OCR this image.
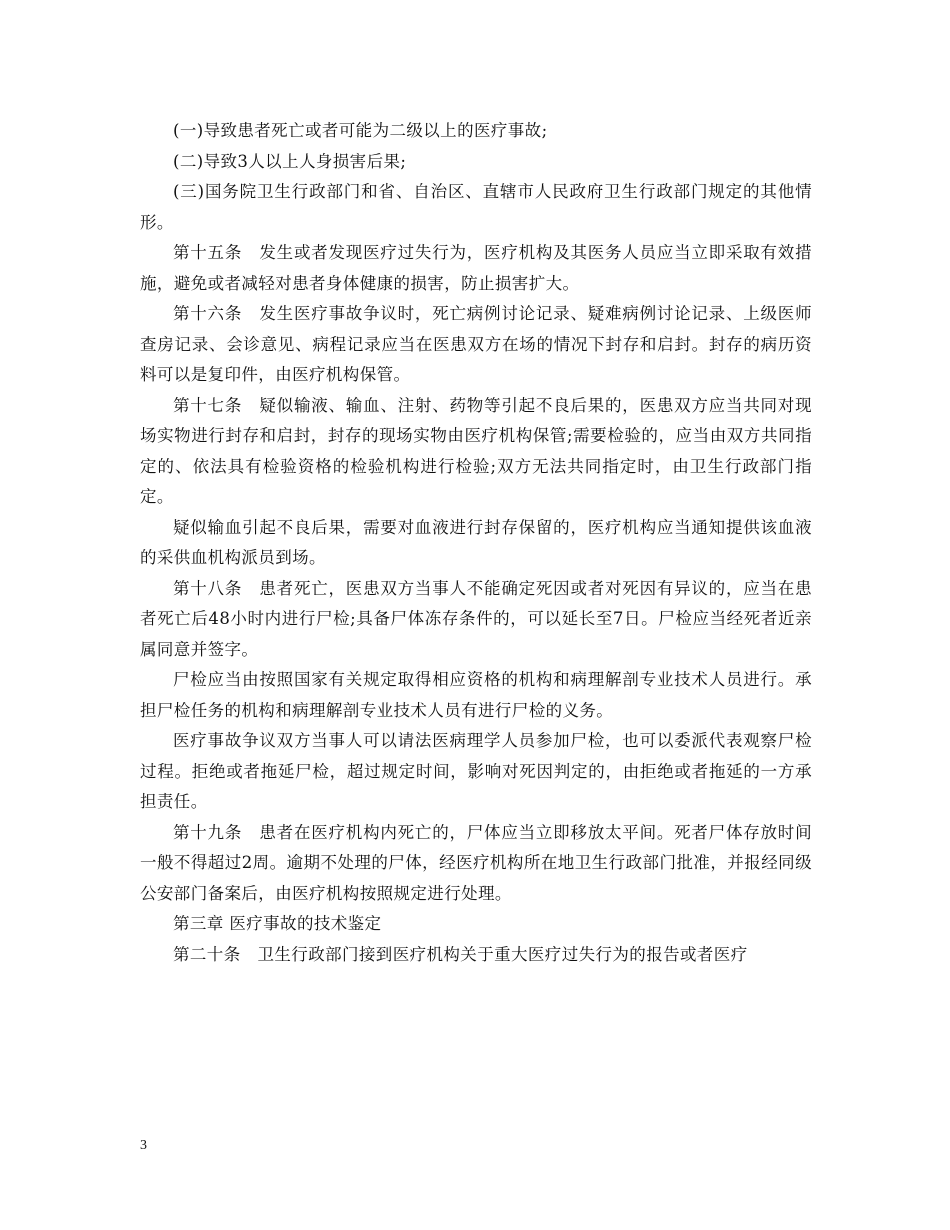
(一)导致患者死亡或者可能为二级以上的医疗事故;

(二)导致3人以上人身损害后果;

(三)国务院卫生行政部门和省、自治区、直辖市人民政府卫生行政部门规定的其他情形。

第十五条　发生或者发现医疗过失行为，医疗机构及其医务人员应当立即采取有效措施，避免或者减轻对患者身体健康的损害，防止损害扩大。

第十六条　发生医疗事故争议时，死亡病例讨论记录、疑难病例讨论记录、上级医师查房记录、会诊意见、病程记录应当在医患双方在场的情况下封存和启封。封存的病历资料可以是复印件，由医疗机构保管。

第十七条　疑似输液、输血、注射、药物等引起不良后果的，医患双方应当共同对现场实物进行封存和启封，封存的现场实物由医疗机构保管;需要检验的，应当由双方共同指定的、依法具有检验资格的检验机构进行检验;双方无法共同指定时，由卫生行政部门指定。

疑似输血引起不良后果，需要对血液进行封存保留的，医疗机构应当通知提供该血液的采供血机构派员到场。

第十八条　患者死亡，医患双方当事人不能确定死因或者对死因有异议的，应当在患者死亡后48小时内进行尸检;具备尸体冻存条件的，可以延长至7日。尸检应当经死者近亲属同意并签字。

尸检应当由按照国家有关规定取得相应资格的机构和病理解剖专业技术人员进行。承担尸检任务的机构和病理解剖专业技术人员有进行尸检的义务。

医疗事故争议双方当事人可以请法医病理学人员参加尸检，也可以委派代表观察尸检过程。拒绝或者拖延尸检，超过规定时间，影响对死因判定的，由拒绝或者拖延的一方承担责任。

第十九条　患者在医疗机构内死亡的，尸体应当立即移放太平间。死者尸体存放时间一般不得超过2周。逾期不处理的尸体，经医疗机构所在地卫生行政部门批准，并报经同级公安部门备案后，由医疗机构按照规定进行处理。

第三章 医疗事故的技术鉴定

第二十条　卫生行政部门接到医疗机构关于重大医疗过失行为的报告或者医疗

3
